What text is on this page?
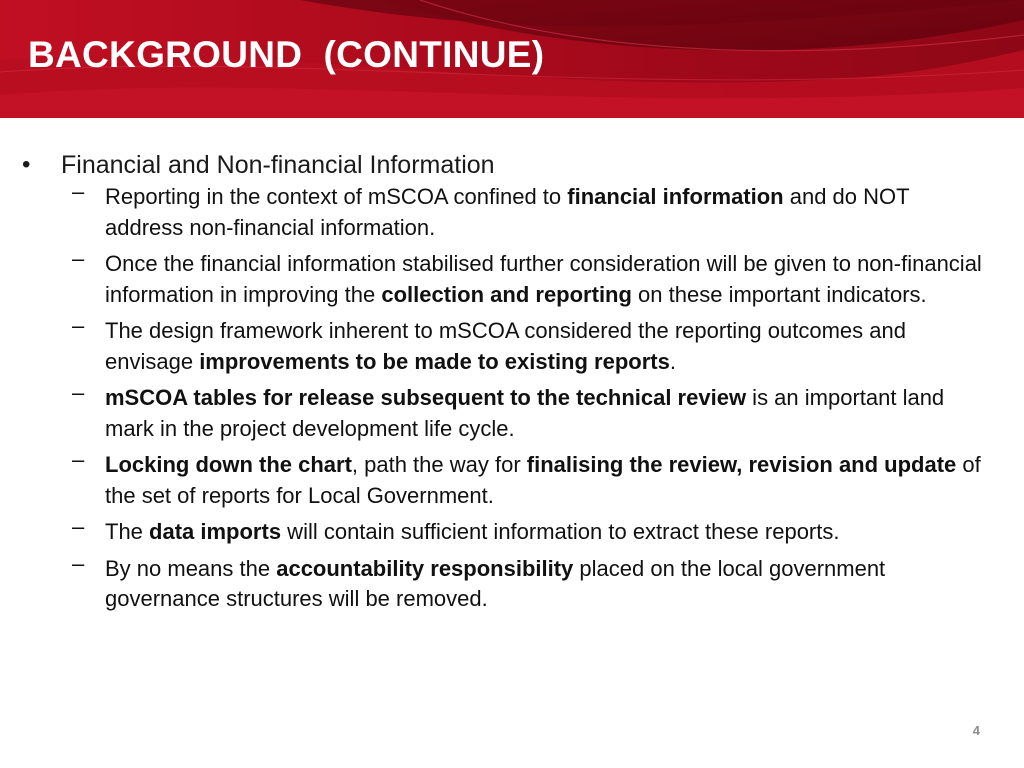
BACKGROUND  (CONTINUE)
• Financial and Non-financial Information
– Reporting in the context of mSCOA confined to financial information and do NOT address non-financial information.
– Once the financial information stabilised further consideration will be given to non-financial information in improving the collection and reporting on these important indicators.
– The design framework inherent to mSCOA considered the reporting outcomes and envisage improvements to be made to existing reports.
– mSCOA tables for release subsequent to the technical review is an important land mark in the project development life cycle.
– Locking down the chart, path the way for finalising the review, revision and update of the set of reports for Local Government.
– The data imports will contain sufficient information to extract these reports.
– By no means the accountability responsibility placed on the local government governance structures will be removed.
4
